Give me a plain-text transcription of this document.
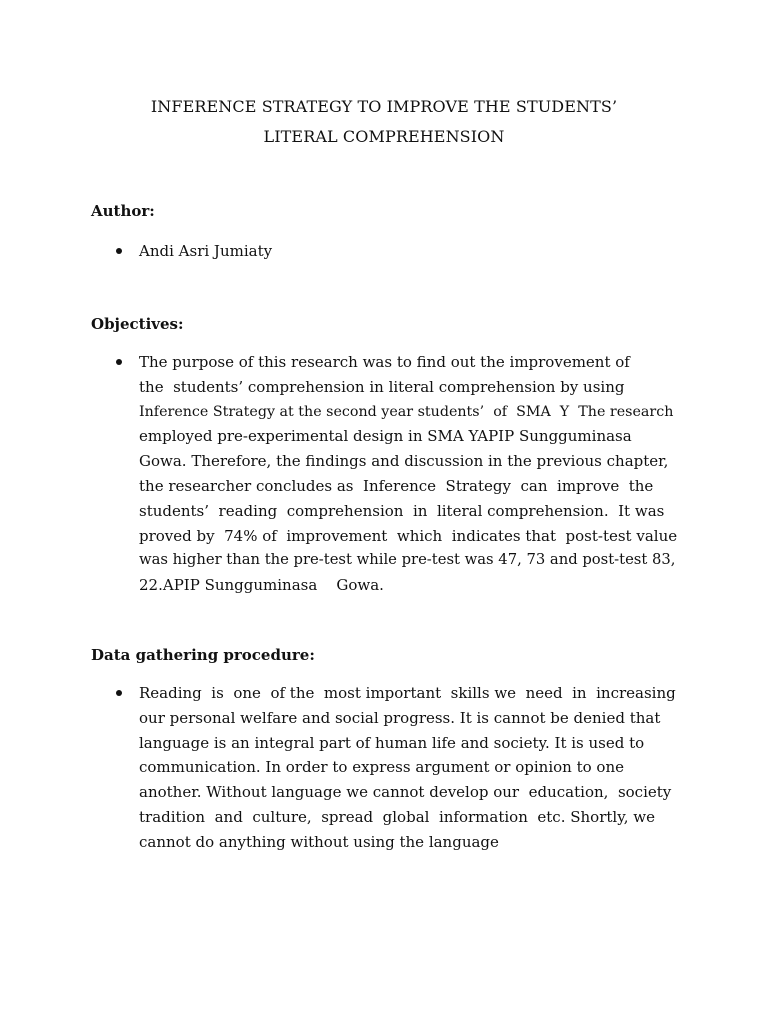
INFERENCE STRATEGY TO IMPROVE THE STUDENTS’
LITERAL COMPREHENSION

Author:

Andi Asri Jumiaty

Objectives:

The purpose of this research was to find out the improvement of
the  students’ comprehension in literal comprehension by using
Inference Strategy at the second year students’  of  SMA  Y  The research
employed pre-experimental design in SMA YAPIP Sungguminasa
Gowa. Therefore, the findings and discussion in the previous chapter,
the researcher concludes as  Inference  Strategy  can  improve  the
students’  reading  comprehension  in  literal comprehension.  It was
proved by  74% of  improvement  which  indicates that  post-test value
was higher than the pre-test while pre-test was 47, 73 and post-test 83,
22.APIP Sungguminasa    Gowa.

Data gathering procedure:

Reading  is  one  of the  most important  skills we  need  in  increasing
our personal welfare and social progress. It is cannot be denied that
language is an integral part of human life and society. It is used to
communication. In order to express argument or opinion to one
another. Without language we cannot develop our  education,  society
tradition  and  culture,  spread  global  information  etc. Shortly, we
cannot do anything without using the language
